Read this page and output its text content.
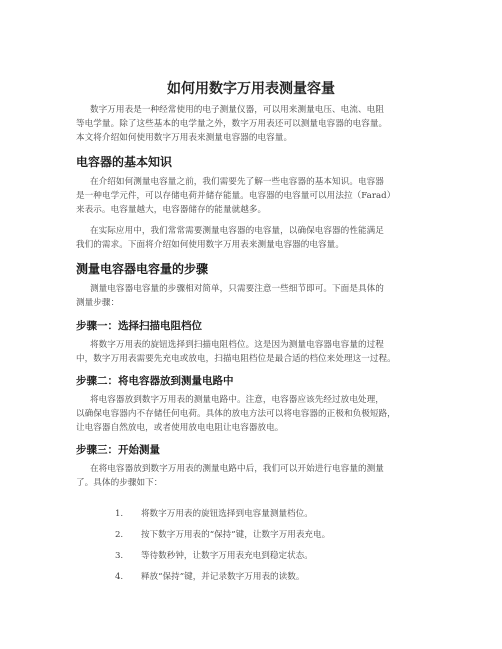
如何用数字万用表测量容量
数字万用表是一种经常使用的电子测量仪器，可以用来测量电压、电流、电阻
等电学量。除了这些基本的电学量之外，数字万用表还可以测量电容器的电容量。
本文将介绍如何使用数字万用表来测量电容器的电容量。
电容器的基本知识
在介绍如何测量电容量之前，我们需要先了解一些电容器的基本知识。电容器
是一种电学元件，可以存储电荷并储存能量。电容器的电容量可以用法拉（Farad）
来表示。电容量越大，电容器储存的能量就越多。
在实际应用中，我们常常需要测量电容器的电容量，以确保电容器的性能满足
我们的需求。下面将介绍如何使用数字万用表来测量电容器的电容量。
测量电容器电容量的步骤
测量电容器电容量的步骤相对简单，只需要注意一些细节即可。下面是具体的
测量步骤：
步骤一：选择扫描电阻档位
将数字万用表的旋钮选择到扫描电阻档位。这是因为测量电容器电容量的过程
中，数字万用表需要先充电或放电，扫描电阻档位是最合适的档位来处理这一过程。
步骤二：将电容器放到测量电路中
将电容器放到数字万用表的测量电路中。注意，电容器应该先经过放电处理，
以确保电容器内不存储任何电荷。具体的放电方法可以将电容器的正极和负极短路，
让电容器自然放电，或者使用放电电阻让电容器放电。
步骤三：开始测量
在将电容器放到数字万用表的测量电路中后，我们可以开始进行电容量的测量
了。具体的步骤如下：

1. 将数字万用表的旋钮选择到电容量测量档位。

2. 按下数字万用表的“保持”键，让数字万用表充电。

3. 等待数秒钟，让数字万用表充电到稳定状态。

4. 释放“保持”键，并记录数字万用表的读数。
